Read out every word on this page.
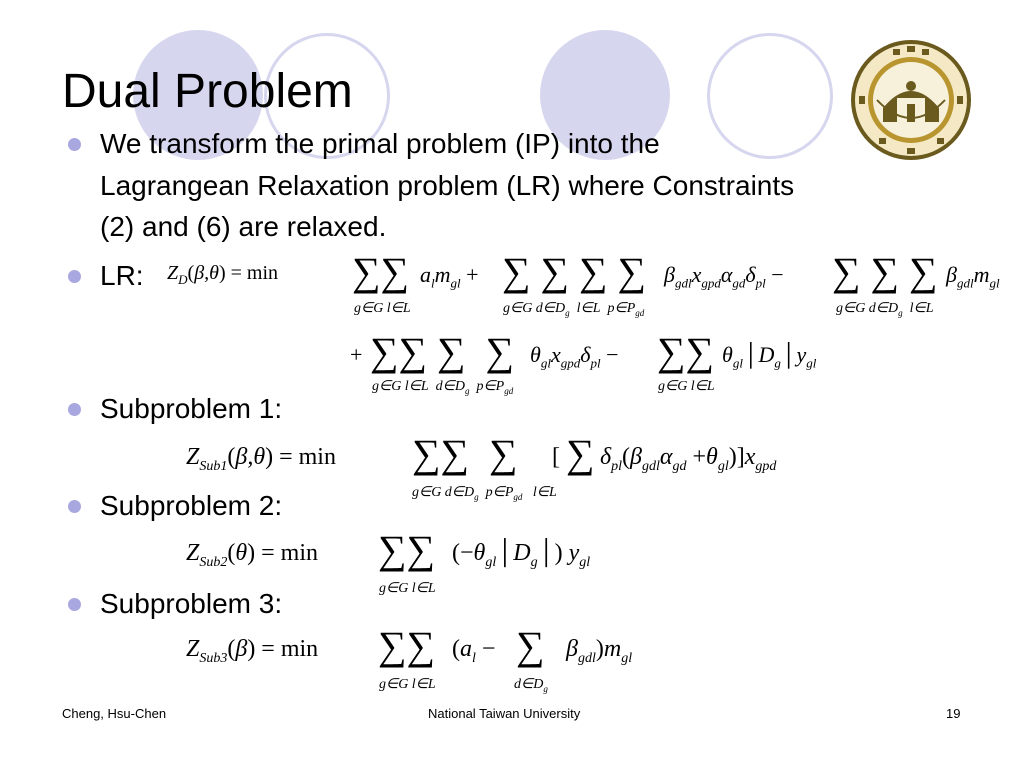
Dual Problem
We transform the primal problem (IP) into the
Lagrangean Relaxation problem (LR) where Constraints
(2) and (6) are relaxed.
LR: $Z_D(\beta,\theta) = \min$ ∑∑ $a_lm_{gl}$ + ∑ ∑ ∑ ∑ $\beta_{gdl}x_{gpd}\alpha_{gd}\delta_{pl}$ − ∑ ∑ ∑ $\beta_{gdl}m_{gl}$
g∈G l∈L	g∈G $d\in D_g$  l∈L  $p\in P_{gd}$	g∈G $d\in D_g$  l∈L
+ ∑∑ ∑  ∑ $\theta_{gl}x_{gpd}\delta_{pl}$ − ∑∑ $\theta_{gl}│D_g│y_{gl}$
g∈G l∈L  $d\in D_g$  $p\in P_{gd}$	g∈G l∈L
Subproblem 1:
$Z_{Sub1}(\beta,\theta) = \min$ ∑∑  ∑ [ ∑ $\delta_{pl}(\beta_{gdl}\alpha_{gd} +\theta_{gl})]x_{gpd}$
g∈G $d\in D_g$  $p\in P_{gd}$   l∈L
Subproblem 2:
$Z_{Sub2}(\theta) = \min$ ∑∑ $(-\theta_{gl}│D_g│)$ $y_{gl}$
g∈G l∈L
Subproblem 3:
$Z_{Sub3}(\beta) = \min$ ∑∑ ($a_l$ − ∑ $\beta_{gdl})m_{gl}$
g∈G l∈L	$d\in D_g$
Cheng, Hsu-Chen	National Taiwan University	19
